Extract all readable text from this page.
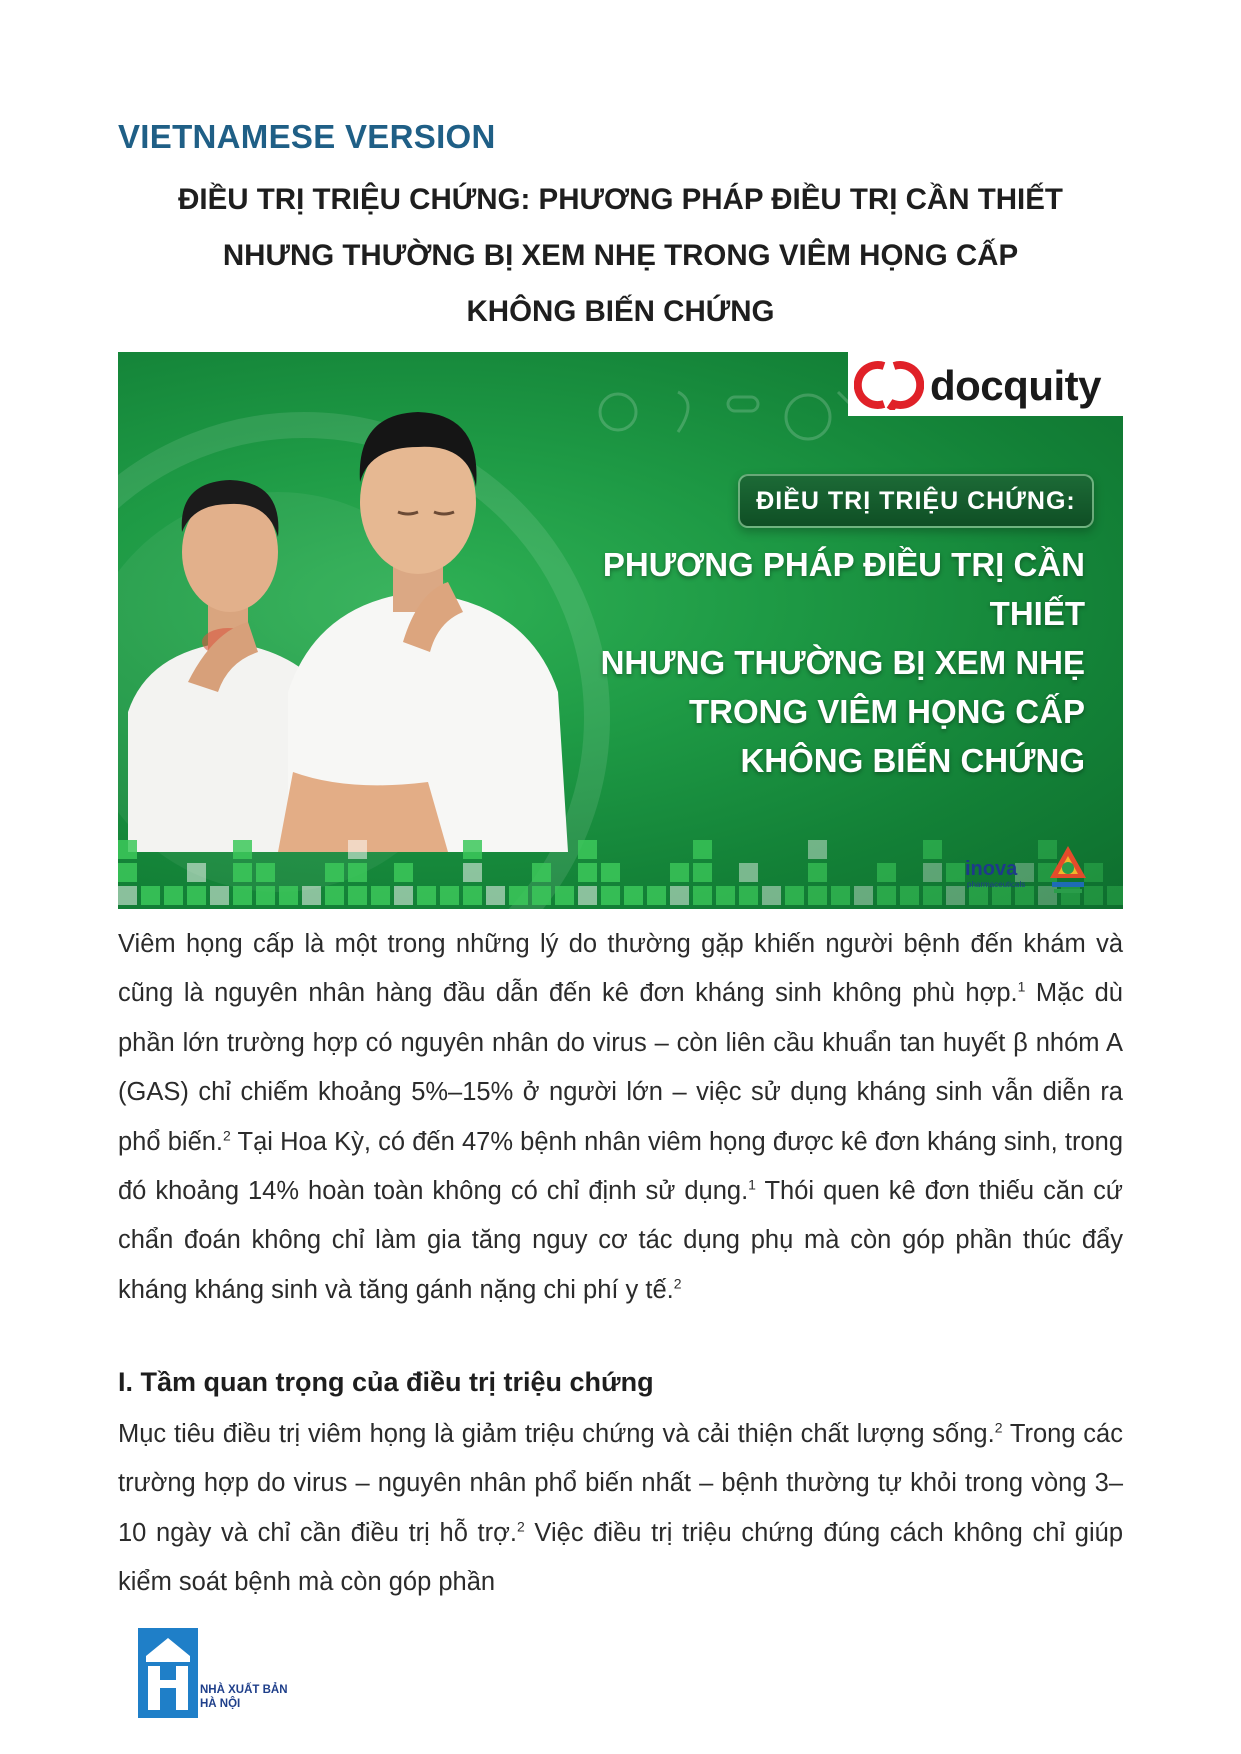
VIETNAMESE VERSION
ĐIỀU TRỊ TRIỆU CHỨNG: PHƯƠNG PHÁP ĐIỀU TRỊ CẦN THIẾT
NHƯNG THƯỜNG BỊ XEM NHẸ TRONG VIÊM HỌNG CẤP
KHÔNG BIẾN CHỨNG
docquity
ĐIỀU TRỊ TRIỆU CHỨNG:
PHƯƠNG PHÁP ĐIỀU TRỊ CẦN THIẾT
NHƯNG THƯỜNG BỊ XEM NHẸ
TRONG VIÊM HỌNG CẤP
KHÔNG BIẾN CHỨNG
inova
pharmaceuticals
Viêm họng cấp là một trong những lý do thường gặp khiến người bệnh đến khám và cũng là nguyên nhân hàng đầu dẫn đến kê đơn kháng sinh không phù hợp.$^1$ Mặc dù phần lớn trường hợp có nguyên nhân do virus – còn liên cầu khuẩn tan huyết β nhóm A (GAS) chỉ chiếm khoảng 5%–15% ở người lớn – việc sử dụng kháng sinh vẫn diễn ra phổ biến.$^2$ Tại Hoa Kỳ, có đến 47% bệnh nhân viêm họng được kê đơn kháng sinh, trong đó khoảng 14% hoàn toàn không có chỉ định sử dụng.$^1$ Thói quen kê đơn thiếu căn cứ chẩn đoán không chỉ làm gia tăng nguy cơ tác dụng phụ mà còn góp phần thúc đẩy kháng kháng sinh và tăng gánh nặng chi phí y tế.$^2$
I. Tầm quan trọng của điều trị triệu chứng
Mục tiêu điều trị viêm họng là giảm triệu chứng và cải thiện chất lượng sống.$^2$ Trong các trường hợp do virus – nguyên nhân phổ biến nhất – bệnh thường tự khỏi trong vòng 3–10 ngày và chỉ cần điều trị hỗ trợ.$^2$ Việc điều trị triệu chứng đúng cách không chỉ giúp kiểm soát bệnh mà còn góp phần
NHÀ XUẤT BẢN
HÀ NỘI
